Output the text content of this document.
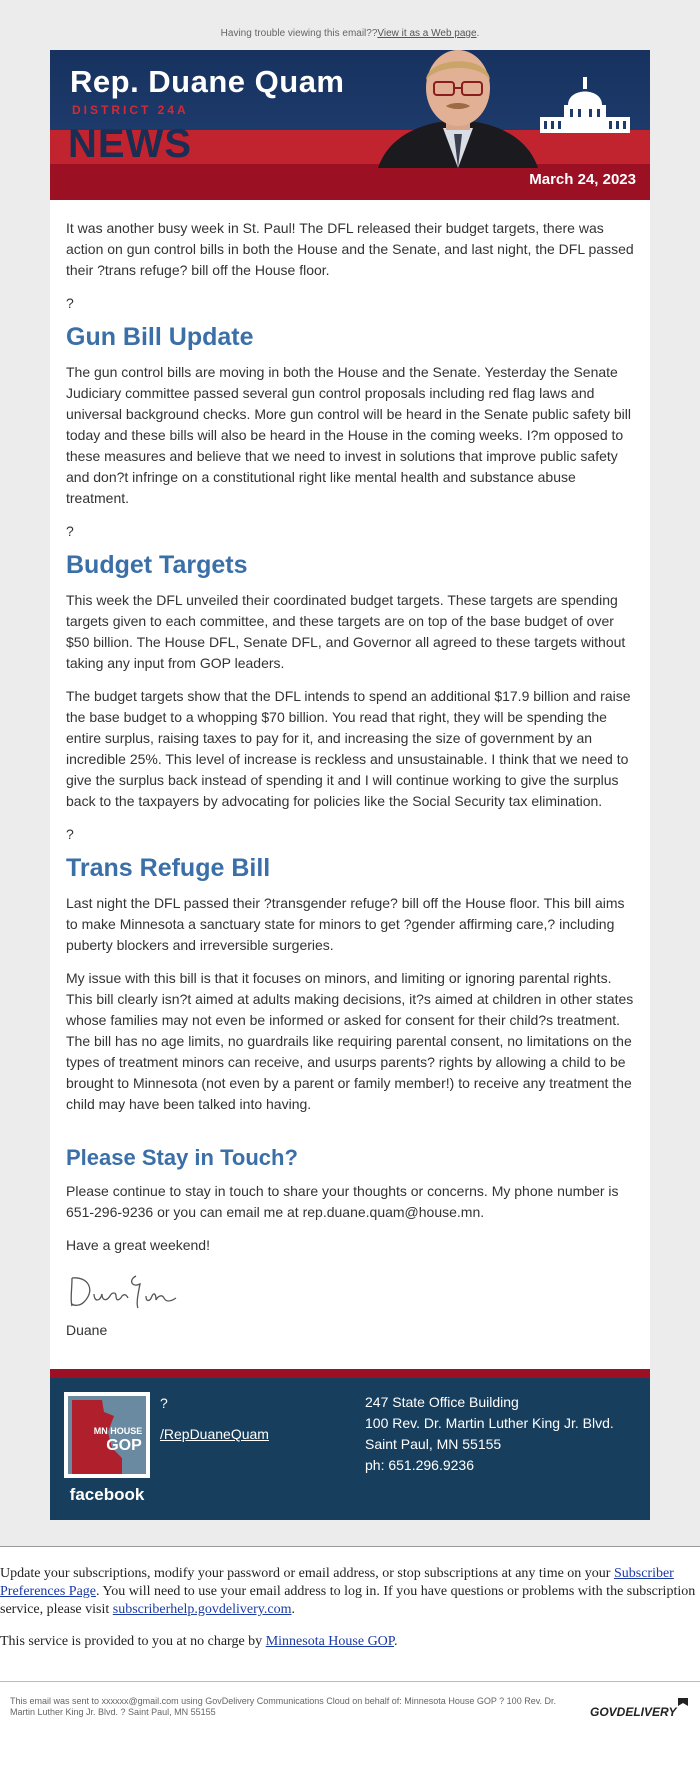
Having trouble viewing this email??View it as a Web page.
Rep. Duane Quam
DISTRICT 24A
NEWS
March 24, 2023

It was another busy week in St. Paul! The DFL released their budget targets, there was action on gun control bills in both the House and the Senate, and last night, the DFL passed their ?trans refuge? bill off the House floor.

?

Gun Bill Update

The gun control bills are moving in both the House and the Senate. Yesterday the Senate Judiciary committee passed several gun control proposals including red flag laws and universal background checks. More gun control will be heard in the Senate public safety bill today and these bills will also be heard in the House in the coming weeks. I?m opposed to these measures and believe that we need to invest in solutions that improve public safety and don?t infringe on a constitutional right like mental health and substance abuse treatment.

?

Budget Targets

This week the DFL unveiled their coordinated budget targets. These targets are spending targets given to each committee, and these targets are on top of the base budget of over $50 billion. The House DFL, Senate DFL, and Governor all agreed to these targets without taking any input from GOP leaders.

The budget targets show that the DFL intends to spend an additional $17.9 billion and raise the base budget to a whopping $70 billion. You read that right, they will be spending the entire surplus, raising taxes to pay for it, and increasing the size of government by an incredible 25%. This level of increase is reckless and unsustainable. I think that we need to give the surplus back instead of spending it and I will continue working to give the surplus back to the taxpayers by advocating for policies like the Social Security tax elimination.

?

Trans Refuge Bill

Last night the DFL passed their ?transgender refuge? bill off the House floor. This bill aims to make Minnesota a sanctuary state for minors to get ?gender affirming care,? including puberty blockers and irreversible surgeries.

My issue with this bill is that it focuses on minors, and limiting or ignoring parental rights. This bill clearly isn?t aimed at adults making decisions, it?s aimed at children in other states whose families may not even be informed or asked for consent for their child?s treatment. The bill has no age limits, no guardrails like requiring parental consent, no limitations on the types of treatment minors can receive, and usurps parents? rights by allowing a child to be brought to Minnesota (not even by a parent or family member!) to receive any treatment the child may have been talked into having.

Please Stay in Touch?

Please continue to stay in touch to share your thoughts or concerns. My phone number is 651-296-9236 or you can email me at rep.duane.quam@house.mn.

Have a great weekend!

Duane

MN HOUSE
GOP
facebook
?
/RepDuaneQuam
247 State Office Building
100 Rev. Dr. Martin Luther King Jr. Blvd.
Saint Paul, MN 55155
ph: 651.296.9236

Update your subscriptions, modify your password or email address, or stop subscriptions at any time on your Subscriber Preferences Page. You will need to use your email address to log in. If you have questions or problems with the subscription service, please visit subscriberhelp.govdelivery.com.

This service is provided to you at no charge by Minnesota House GOP.

This email was sent to xxxxxx@gmail.com using GovDelivery Communications Cloud on behalf of: Minnesota House GOP ? 100 Rev. Dr. Martin Luther King Jr. Blvd. ? Saint Paul, MN 55155	GOVDELIVERY
